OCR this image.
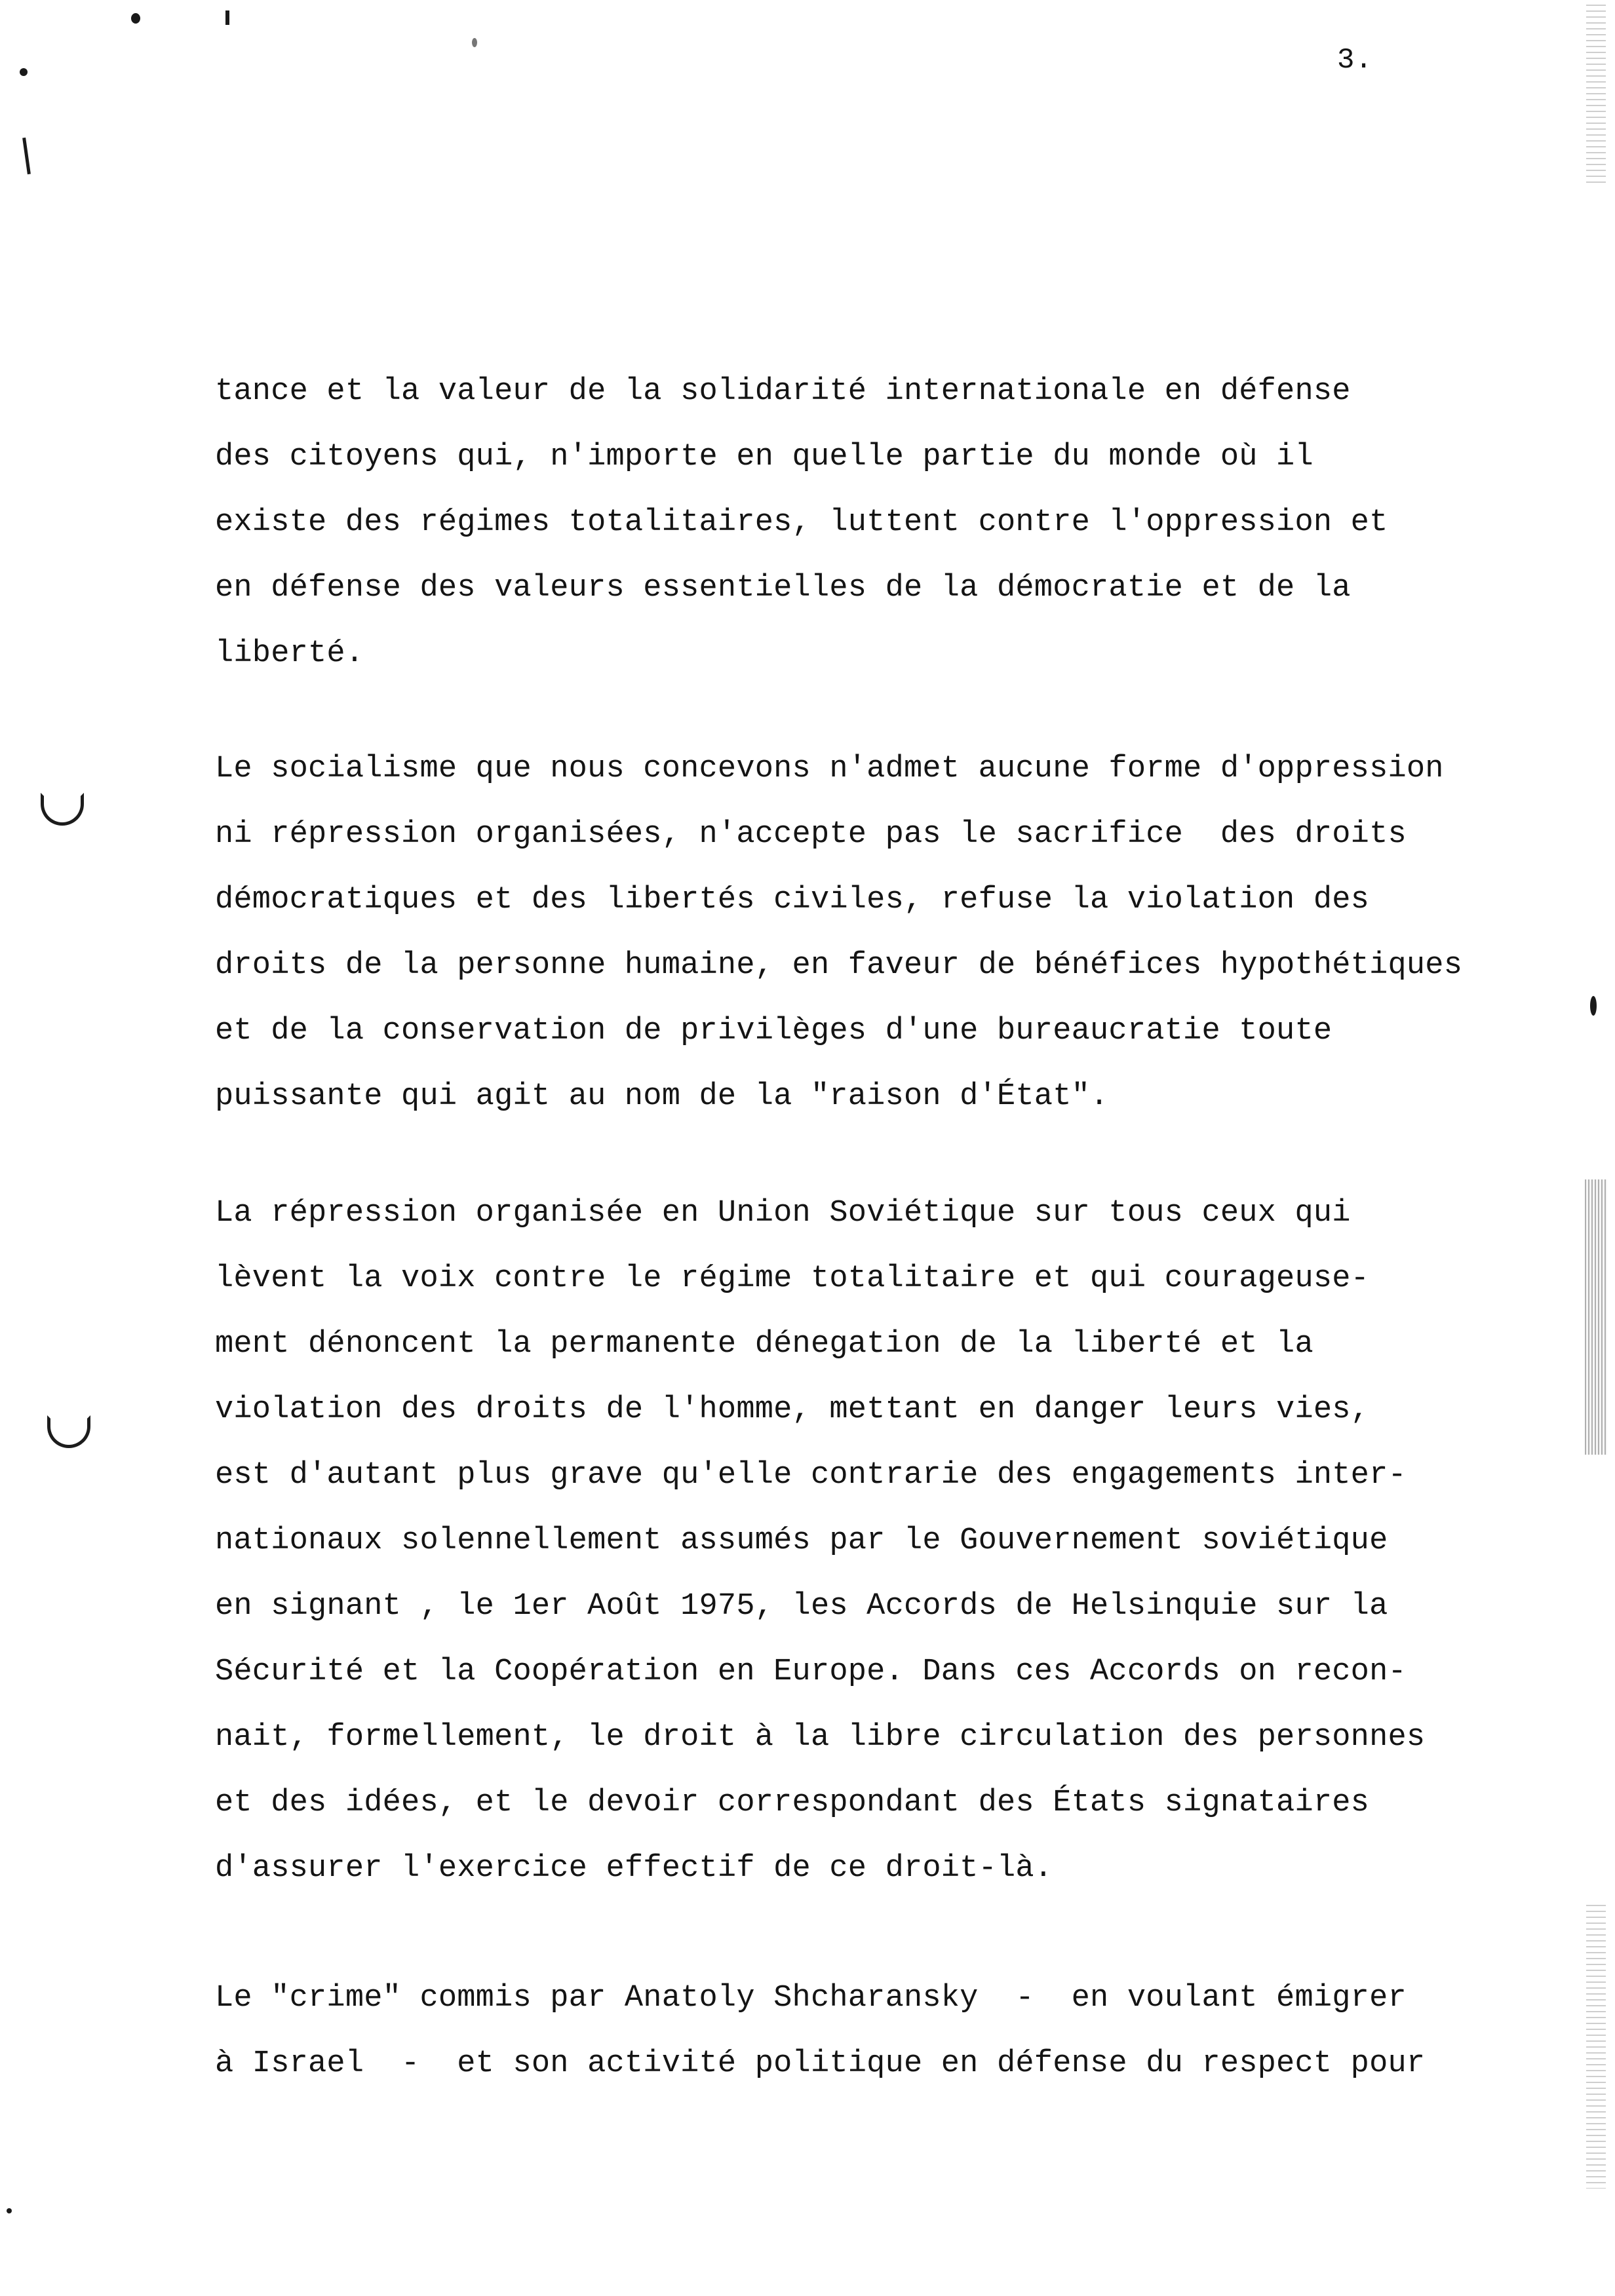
3.
tance et la valeur de la solidarité internationale en défense
des citoyens qui, n'importe en quelle partie du monde où il
existe des régimes totalitaires, luttent contre l'oppression et
en défense des valeurs essentielles de la démocratie et de la
liberté.
Le socialisme que nous concevons n'admet aucune forme d'oppression
ni répression organisées, n'accepte pas le sacrifice  des droits
démocratiques et des libertés civiles, refuse la violation des
droits de la personne humaine, en faveur de bénéfices hypothétiques
et de la conservation de privilèges d'une bureaucratie toute
puissante qui agit au nom de la "raison d'État".
La répression organisée en Union Soviétique sur tous ceux qui
lèvent la voix contre le régime totalitaire et qui courageuse-
ment dénoncent la permanente dénegation de la liberté et la
violation des droits de l'homme, mettant en danger leurs vies,
est d'autant plus grave qu'elle contrarie des engagements inter-
nationaux solennellement assumés par le Gouvernement soviétique
en signant , le 1er Août 1975, les Accords de Helsinquie sur la
Sécurité et la Coopération en Europe. Dans ces Accords on recon-
nait, formellement, le droit à la libre circulation des personnes
et des idées, et le devoir correspondant des États signataires
d'assurer l'exercice effectif de ce droit-là.
Le "crime" commis par Anatoly Shcharansky  -  en voulant émigrer
à Israel  -  et son activité politique en défense du respect pour
